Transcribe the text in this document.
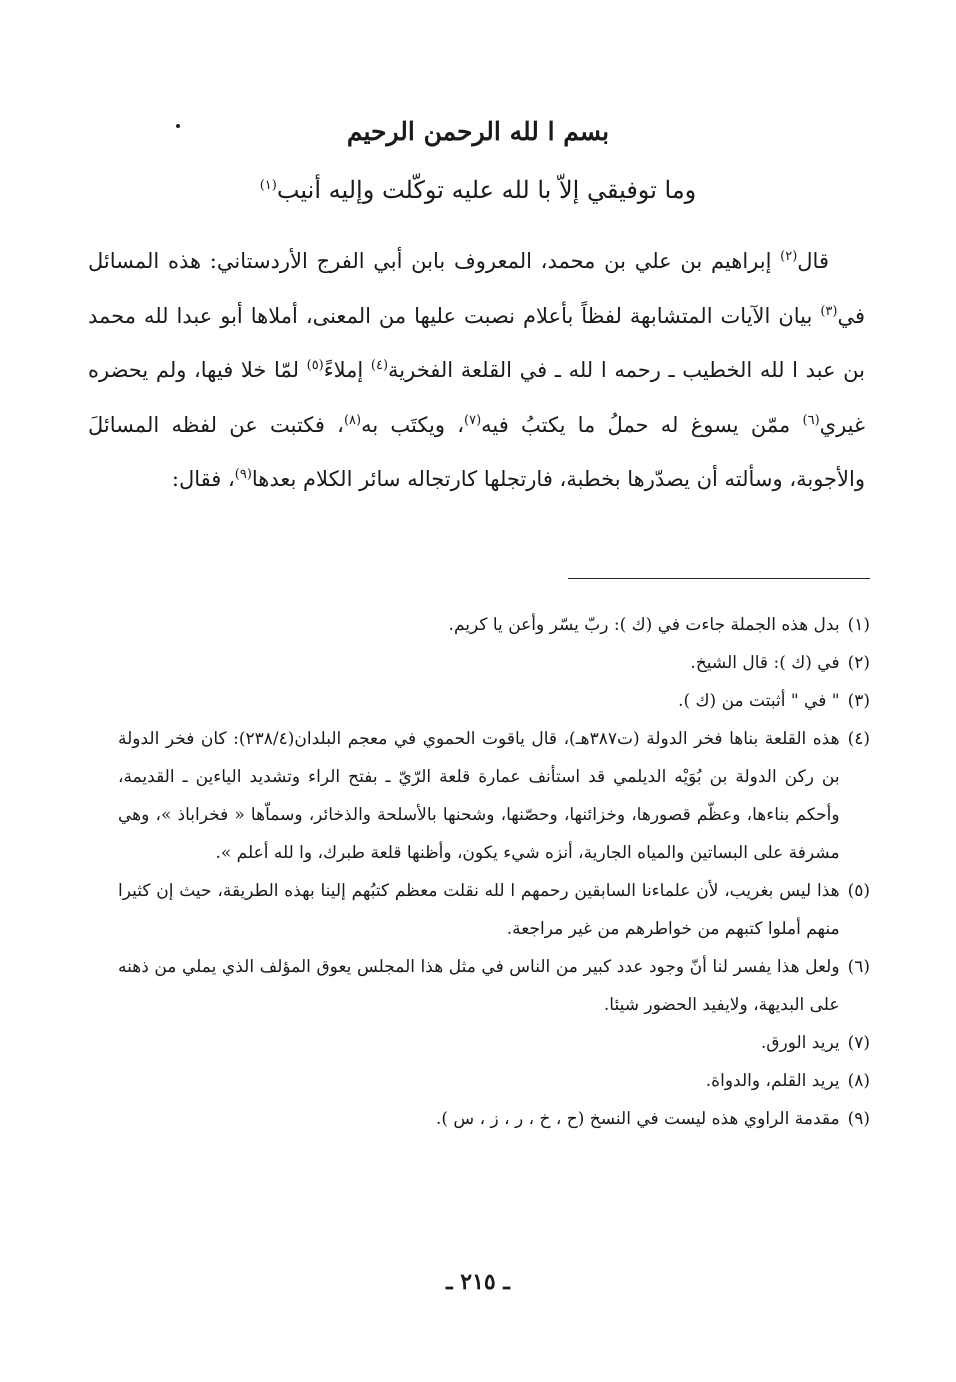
بسم ا لله الرحمن الرحيم
وما توفيقي إلاّ با لله عليه توكّلت وإليه أنيب$^{(١)}$
قال$^{(٢)}$ إبراهيم بن علي بن محمد، المعروف بابن أبي الفرج الأردستاني: هذه المسائل في$^{(٣)}$ بيان الآيات المتشابهة لفظاً بأعلام نصبت عليها من المعنى، أملاها أبو عبدا لله محمد بن عبد ا لله الخطيب ـ رحمه ا لله ـ في القلعة الفخرية$^{(٤)}$ إملاءً$^{(٥)}$ لمّا خلا فيها، ولم يحضره غيري$^{(٦)}$ ممّن يسوغ له حملُ ما يكتبُ فيه$^{(٧)}$، ويكتَب به$^{(٨)}$، فكتبت عن لفظه المسائلَ والأجوبة، وسألته أن يصدّرها بخطبة، فارتجلها كارتجاله سائر الكلام بعدها$^{(٩)}$، فقال:
(١)
بدل هذه الجملة جاءت في (ك ): ربّ يسّر وأعن يا كريم.
(٢)
في (ك ): قال الشيخ.
(٣)
" في " أثبتت من (ك ).
(٤)
هذه القلعة بناها فخر الدولة (ت٣٨٧هـ)، قال ياقوت الحموي في معجم البلدان(٢٣٨/٤): كان فخر الدولة بن ركن الدولة بن بُوَيْه الديلمي قد استأنف عمارة قلعة الرّيّ ـ بفتح الراء وتشديد الياءين ـ القديمة، وأحكم بناءها، وعظّم قصورها، وخزائنها، وحصّنها، وشحنها بالأسلحة والذخائر، وسماّها « فخراباذ »، وهي مشرفة على البساتين والمياه الجارية، أنزه شيء يكون، وأظنها قلعة طبرك، وا لله أعلم ».
(٥)
هذا ليس بغريب، لأن علماءنا السابقين رحمهم ا لله نقلت معظم كتبُهم إلينا بهذه الطريقة، حيث إن كثيرا منهم أملوا كتبهم من خواطرهم من غير مراجعة.
(٦)
ولعل هذا يفسر لنا أنّ وجود عدد كبير من الناس في مثل هذا المجلس يعوق المؤلف الذي يملي من ذهنه على البديهة، ولايفيد الحضور شيئا.
(٧)
يريد الورق.
(٨)
يريد القلم، والدواة.
(٩)
مقدمة الراوي هذه ليست في النسخ (ح ، خ ، ر ، ز ، س ).
ـ ٢١٥ ـ
